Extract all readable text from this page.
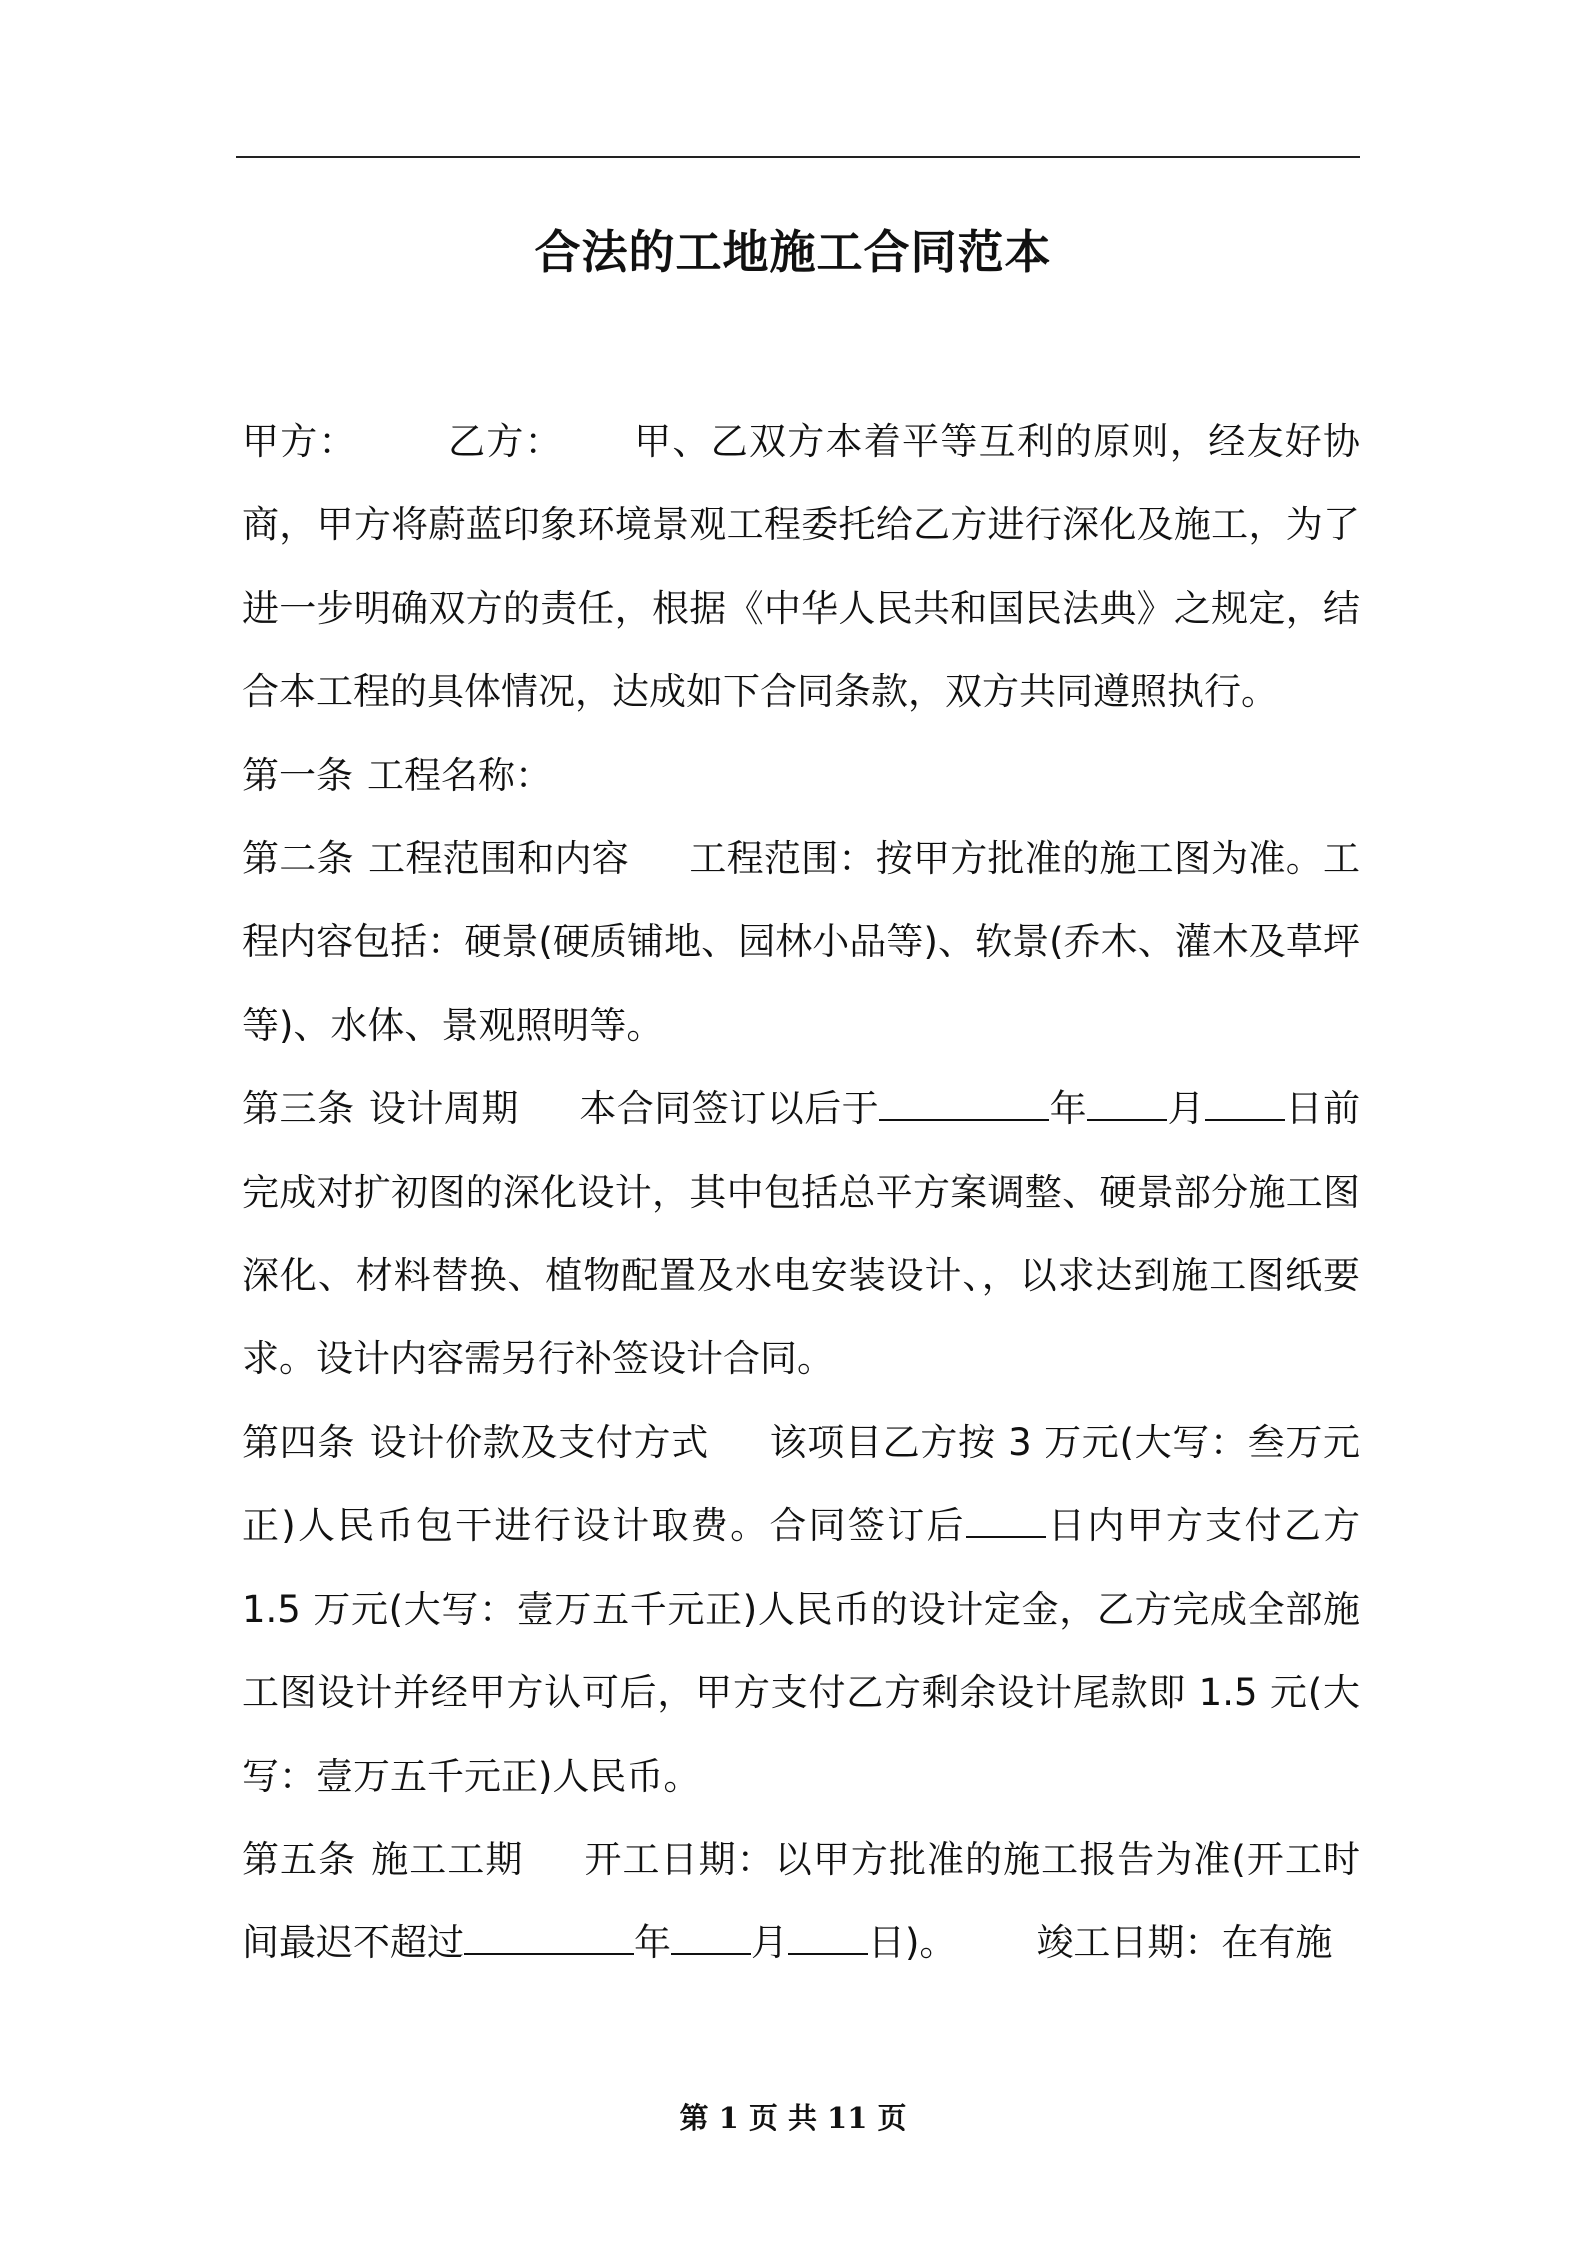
合法的工地施工合同范本

甲方： 乙方： 甲、乙双方本着平等互利的原则，经友好协商，甲方将蔚蓝印象环境景观工程委托给乙方进行深化及施工，为了进一步明确双方的责任，根据《中华人民共和国民法典》之规定，结合本工程的具体情况，达成如下合同条款，双方共同遵照执行。

第一条 工程名称：

第二条 工程范围和内容 工程范围：按甲方批准的施工图为准。工程内容包括：硬景(硬质铺地、园林小品等)、软景(乔木、灌木及草坪等)、水体、景观照明等。

第三条 设计周期 本合同签订以后于	年 月 日前完成对扩初图的深化设计，其中包括总平方案调整、硬景部分施工图深化、材料替换、植物配置及水电安装设计、，以求达到施工图纸要求。设计内容需另行补签设计合同。

第四条 设计价款及支付方式 该项目乙方按 3 万元(大写：叁万元正)人民币包干进行设计取费。合同签订后 日内甲方支付乙方 1.5 万元(大写：壹万五千元正)人民币的设计定金，乙方完成全部施工图设计并经甲方认可后，甲方支付乙方剩余设计尾款即 1.5 元(大写：壹万五千元正)人民币。

第五条 施工工期 开工日期：以甲方批准的施工报告为准(开工时间最迟不超过	年 月 日)。 竣工日期：在有施

第 1 页 共 11 页
